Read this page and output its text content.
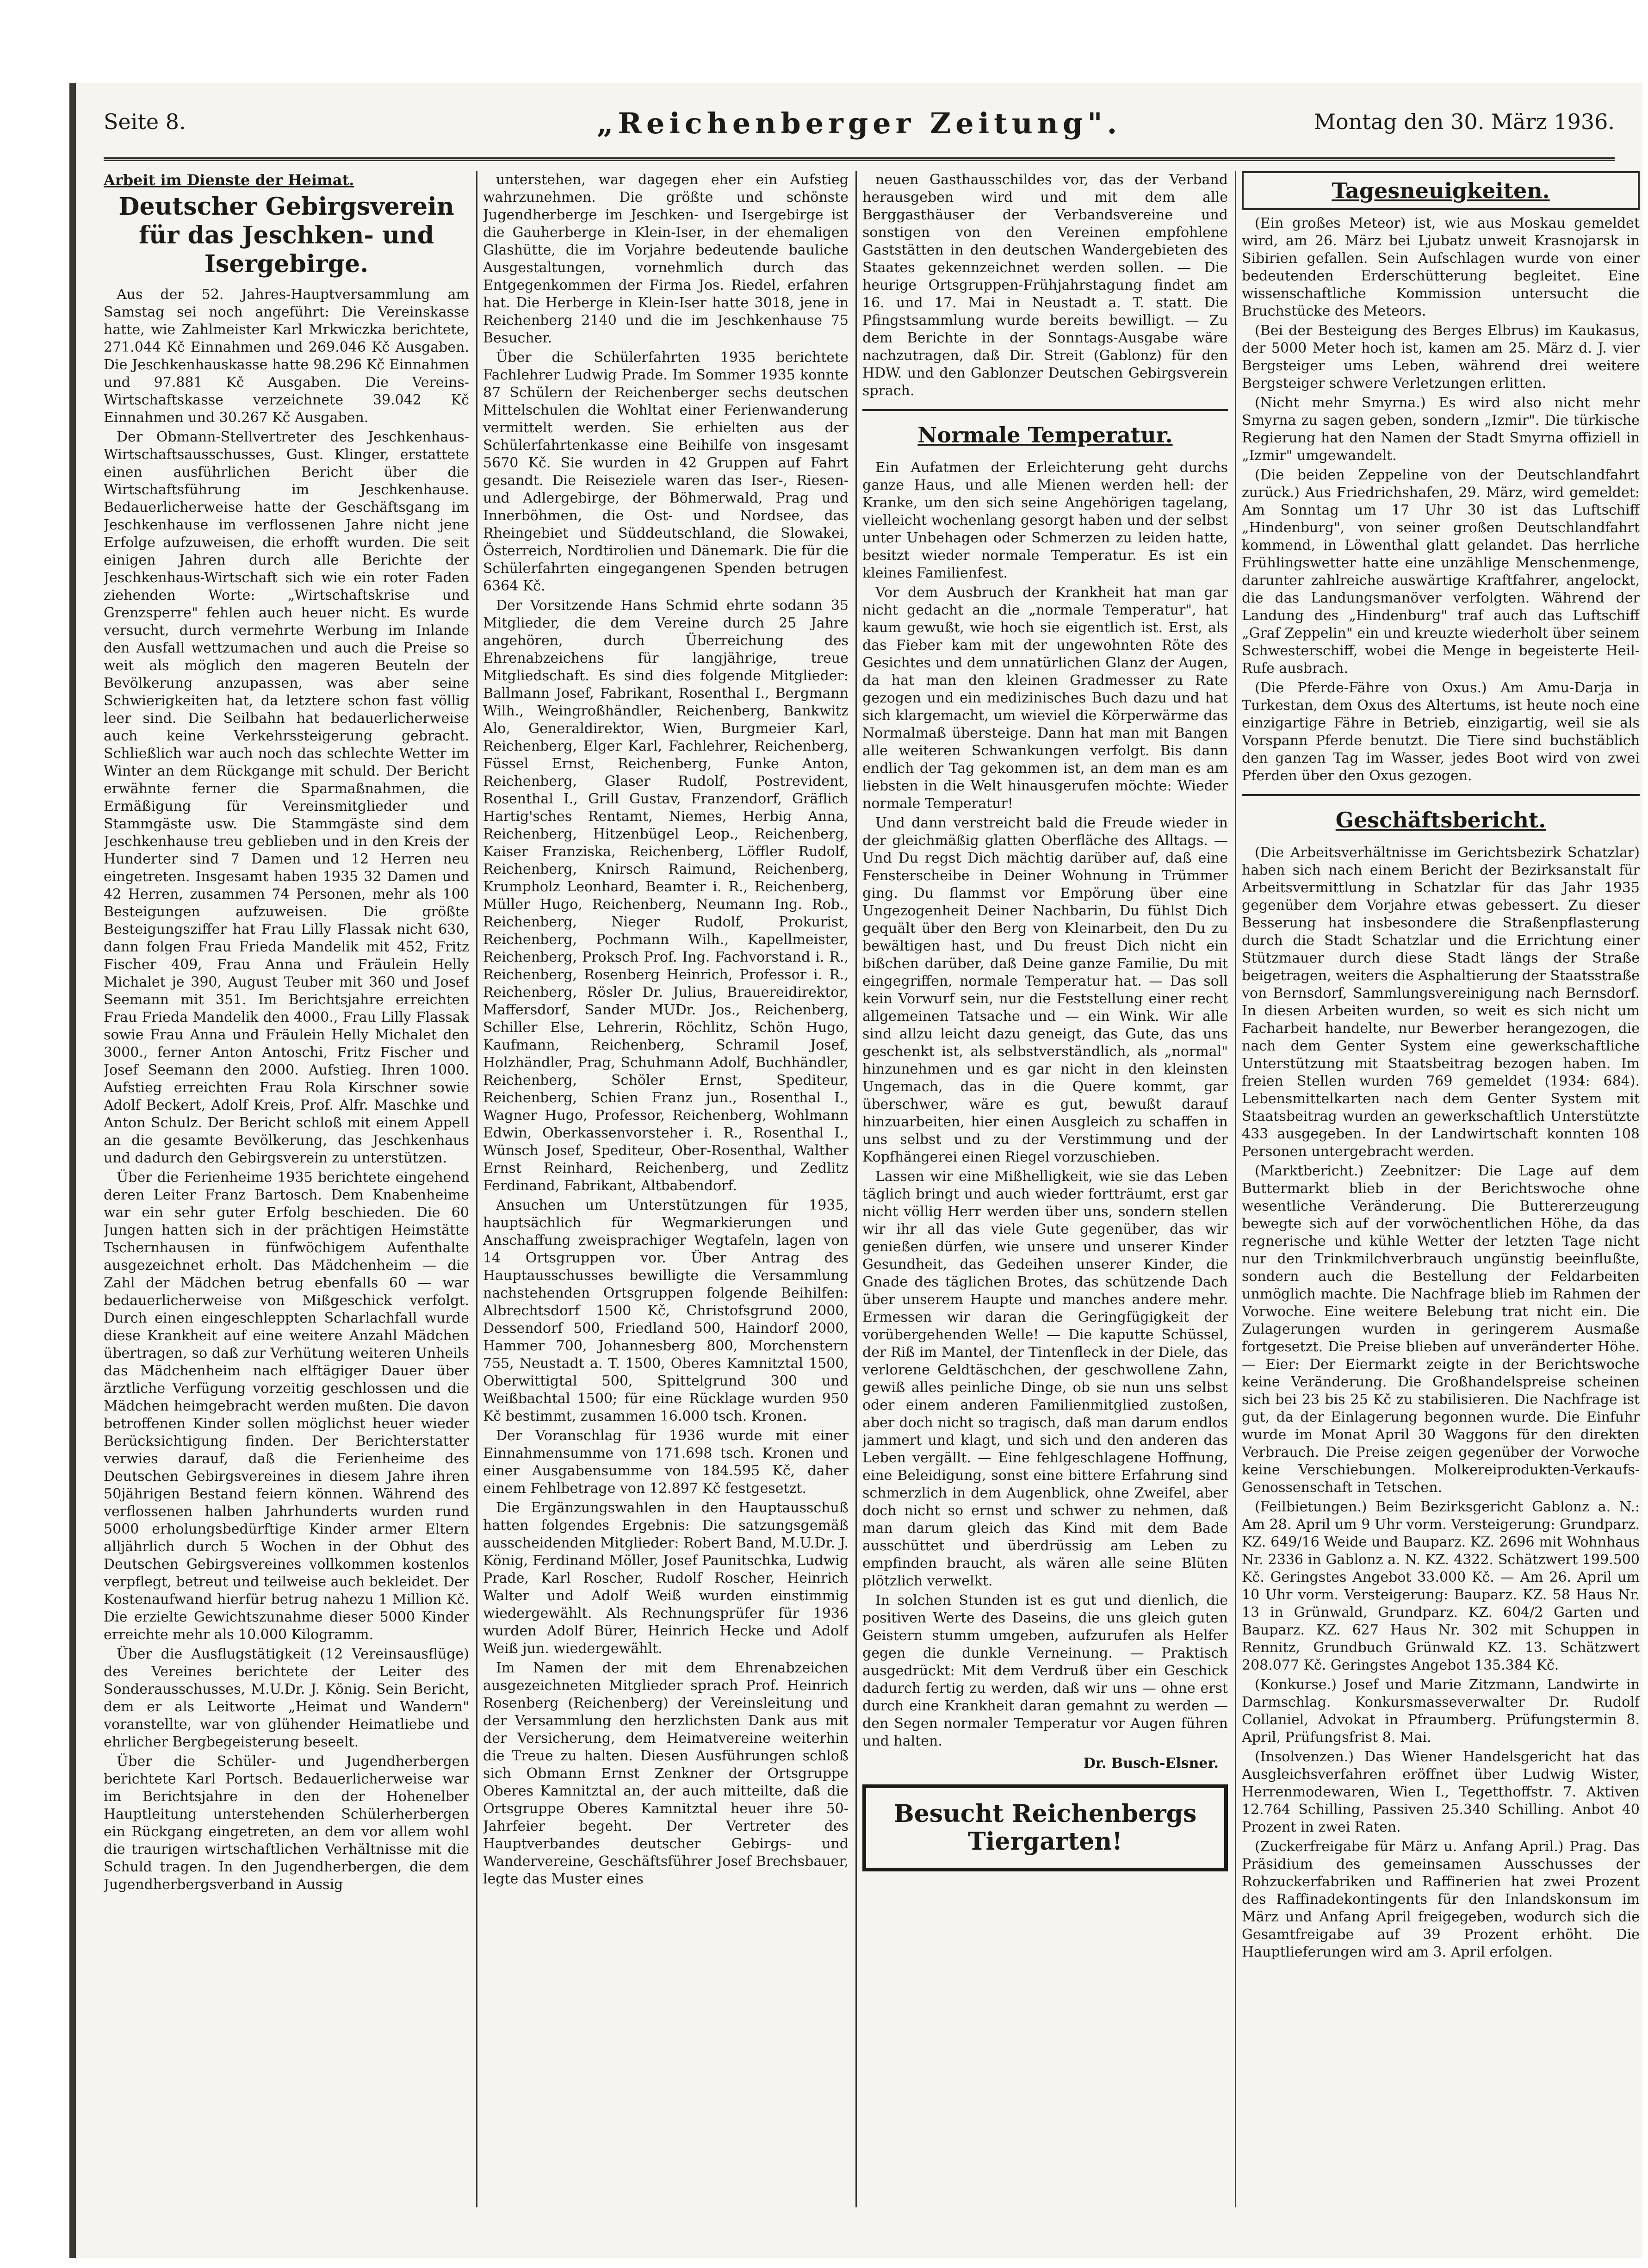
Seite 8.	„Reichenberger Zeitung".	Montag den 30. März 1936.
Arbeit im Dienste der Heimat.
Deutscher Gebirgsverein für das Jeschken- und Isergebirge.

Aus der 52. Jahres-Hauptversammlung am Samstag sei noch angeführt: Die Vereinskasse hatte, wie Zahlmeister Karl Mrkwiczka berichtete, 271.044 Kč Einnahmen und 269.046 Kč Ausgaben. Die Jeschkenhauskasse hatte 98.296 Kč Einnahmen und 97.881 Kč Ausgaben. Die Vereins-Wirtschaftskasse verzeichnete 39.042 Kč Einnahmen und 30.267 Kč Ausgaben.

Der Obmann-Stellvertreter des Jeschkenhaus-Wirtschaftsausschusses, Gust. Klinger, erstattete einen ausführlichen Bericht über die Wirtschaftsführung im Jeschkenhause. Bedauerlicherweise hatte der Geschäftsgang im Jeschkenhause im verflossenen Jahre nicht jene Erfolge aufzuweisen, die erhofft wurden. Die seit einigen Jahren durch alle Berichte der Jeschkenhaus-Wirtschaft sich wie ein roter Faden ziehenden Worte: „Wirtschaftskrise und Grenzsperre" fehlen auch heuer nicht. Es wurde versucht, durch vermehrte Werbung im Inlande den Ausfall wettzumachen und auch die Preise so weit als möglich den mageren Beuteln der Bevölkerung anzupassen, was aber seine Schwierigkeiten hat, da letztere schon fast völlig leer sind. Die Seilbahn hat bedauerlicherweise auch keine Verkehrssteigerung gebracht. Schließlich war auch noch das schlechte Wetter im Winter an dem Rückgange mit schuld. Der Bericht erwähnte ferner die Sparmaßnahmen, die Ermäßigung für Vereinsmitglieder und Stammgäste usw. Die Stammgäste sind dem Jeschkenhause treu geblieben und in den Kreis der Hunderter sind 7 Damen und 12 Herren neu eingetreten. Insgesamt haben 1935 32 Damen und 42 Herren, zusammen 74 Personen, mehr als 100 Besteigungen aufzuweisen. Die größte Besteigungsziffer hat Frau Lilly Flassak nicht 630, dann folgen Frau Frieda Mandelik mit 452, Fritz Fischer 409, Frau Anna und Fräulein Helly Michalet je 390, August Teuber mit 360 und Josef Seemann mit 351. Im Berichtsjahre erreichten Frau Frieda Mandelik den 4000., Frau Lilly Flassak sowie Frau Anna und Fräulein Helly Michalet den 3000., ferner Anton Antoschi, Fritz Fischer und Josef Seemann den 2000. Aufstieg. Ihren 1000. Aufstieg erreichten Frau Rola Kirschner sowie Adolf Beckert, Adolf Kreis, Prof. Alfr. Maschke und Anton Schulz. Der Bericht schloß mit einem Appell an die gesamte Bevölkerung, das Jeschkenhaus und dadurch den Gebirgsverein zu unterstützen.

Über die Ferienheime 1935 berichtete eingehend deren Leiter Franz Bartosch. Dem Knabenheime war ein sehr guter Erfolg beschieden. Die 60 Jungen hatten sich in der prächtigen Heimstätte Tschernhausen in fünfwöchigem Aufenthalte ausgezeichnet erholt. Das Mädchenheim — die Zahl der Mädchen betrug ebenfalls 60 — war bedauerlicherweise von Mißgeschick verfolgt. Durch einen eingeschleppten Scharlachfall wurde diese Krankheit auf eine weitere Anzahl Mädchen übertragen, so daß zur Verhütung weiteren Unheils das Mädchenheim nach elftägiger Dauer über ärztliche Verfügung vorzeitig geschlossen und die Mädchen heimgebracht werden mußten. Die davon betroffenen Kinder sollen möglichst heuer wieder Berücksichtigung finden. Der Berichterstatter verwies darauf, daß die Ferienheime des Deutschen Gebirgsvereines in diesem Jahre ihren 50jährigen Bestand feiern können. Während des verflossenen halben Jahrhunderts wurden rund 5000 erholungsbedürftige Kinder armer Eltern alljährlich durch 5 Wochen in der Obhut des Deutschen Gebirgsvereines vollkommen kostenlos verpflegt, betreut und teilweise auch bekleidet. Der Kostenaufwand hierfür betrug nahezu 1 Million Kč. Die erzielte Gewichtszunahme dieser 5000 Kinder erreichte mehr als 10.000 Kilogramm.

Über die Ausflugstätigkeit (12 Vereinsausflüge) des Vereines berichtete der Leiter des Sonderausschusses, M.U.Dr. J. König. Sein Bericht, dem er als Leitworte „Heimat und Wandern" voranstellte, war von glühender Heimatliebe und ehrlicher Bergbegeisterung beseelt.

Über die Schüler- und Jugendherbergen berichtete Karl Portsch. Bedauerlicherweise war im Berichtsjahre in den der Hohenelber Hauptleitung unterstehenden Schülerherbergen ein Rückgang eingetreten, an dem vor allem wohl die traurigen wirtschaftlichen Verhältnisse mit die Schuld tragen. In den Jugendherbergen, die dem Jugendherbergsverband in Aussig

unterstehen, war dagegen eher ein Aufstieg wahrzunehmen. Die größte und schönste Jugendherberge im Jeschken- und Isergebirge ist die Gauherberge in Klein-Iser, in der ehemaligen Glashütte, die im Vorjahre bedeutende bauliche Ausgestaltungen, vornehmlich durch das Entgegenkommen der Firma Jos. Riedel, erfahren hat. Die Herberge in Klein-Iser hatte 3018, jene in Reichenberg 2140 und die im Jeschkenhause 75 Besucher.

Über die Schülerfahrten 1935 berichtete Fachlehrer Ludwig Prade. Im Sommer 1935 konnte 87 Schülern der Reichenberger sechs deutschen Mittelschulen die Wohltat einer Ferienwanderung vermittelt werden. Sie erhielten aus der Schülerfahrtenkasse eine Beihilfe von insgesamt 5670 Kč. Sie wurden in 42 Gruppen auf Fahrt gesandt. Die Reiseziele waren das Iser-, Riesen- und Adlergebirge, der Böhmerwald, Prag und Innerböhmen, die Ost- und Nordsee, das Rheingebiet und Süddeutschland, die Slowakei, Österreich, Nordtirolien und Dänemark. Die für die Schülerfahrten eingegangenen Spenden betrugen 6364 Kč.

Der Vorsitzende Hans Schmid ehrte sodann 35 Mitglieder, die dem Vereine durch 25 Jahre angehören, durch Überreichung des Ehrenabzeichens für langjährige, treue Mitgliedschaft. Es sind dies folgende Mitglieder: Ballmann Josef, Fabrikant, Rosenthal I., Bergmann Wilh., Weingroßhändler, Reichenberg, Bankwitz Alo, Generaldirektor, Wien, Burgmeier Karl, Reichenberg, Elger Karl, Fachlehrer, Reichenberg, Füssel Ernst, Reichenberg, Funke Anton, Reichenberg, Glaser Rudolf, Postrevident, Rosenthal I., Grill Gustav, Franzendorf, Gräflich Hartig'sches Rentamt, Niemes, Herbig Anna, Reichenberg, Hitzenbügel Leop., Reichenberg, Kaiser Franziska, Reichenberg, Löffler Rudolf, Reichenberg, Knirsch Raimund, Reichenberg, Krumpholz Leonhard, Beamter i. R., Reichenberg, Müller Hugo, Reichenberg, Neumann Ing. Rob., Reichenberg, Nieger Rudolf, Prokurist, Reichenberg, Pochmann Wilh., Kapellmeister, Reichenberg, Proksch Prof. Ing. Fachvorstand i. R., Reichenberg, Rosenberg Heinrich, Professor i. R., Reichenberg, Rösler Dr. Julius, Brauereidirektor, Maffersdorf, Sander MUDr. Jos., Reichenberg, Schiller Else, Lehrerin, Röchlitz, Schön Hugo, Kaufmann, Reichenberg, Schramil Josef, Holzhändler, Prag, Schuhmann Adolf, Buchhändler, Reichenberg, Schöler Ernst, Spediteur, Reichenberg, Schien Franz jun., Rosenthal I., Wagner Hugo, Professor, Reichenberg, Wohlmann Edwin, Oberkassenvorsteher i. R., Rosenthal I., Wünsch Josef, Spediteur, Ober-Rosenthal, Walther Ernst Reinhard, Reichenberg, und Zedlitz Ferdinand, Fabrikant, Altbabendorf.

Ansuchen um Unterstützungen für 1935, hauptsächlich für Wegmarkierungen und Anschaffung zweisprachiger Wegtafeln, lagen von 14 Ortsgruppen vor. Über Antrag des Hauptausschusses bewilligte die Versammlung nachstehenden Ortsgruppen folgende Beihilfen: Albrechtsdorf 1500 Kč, Christofsgrund 2000, Dessendorf 500, Friedland 500, Haindorf 2000, Hammer 700, Johannesberg 800, Morchenstern 755, Neustadt a. T. 1500, Oberes Kamnitztal 1500, Oberwittigtal 500, Spittelgrund 300 und Weißbachtal 1500; für eine Rücklage wurden 950 Kč bestimmt, zusammen 16.000 tsch. Kronen.

Der Voranschlag für 1936 wurde mit einer Einnahmensumme von 171.698 tsch. Kronen und einer Ausgabensumme von 184.595 Kč, daher einem Fehlbetrage von 12.897 Kč festgesetzt.

Die Ergänzungswahlen in den Hauptausschuß hatten folgendes Ergebnis: Die satzungsgemäß ausscheidenden Mitglieder: Robert Band, M.U.Dr. J. König, Ferdinand Möller, Josef Paunitschka, Ludwig Prade, Karl Roscher, Rudolf Roscher, Heinrich Walter und Adolf Weiß wurden einstimmig wiedergewählt. Als Rechnungsprüfer für 1936 wurden Adolf Bürer, Heinrich Hecke und Adolf Weiß jun. wiedergewählt.

Im Namen der mit dem Ehrenabzeichen ausgezeichneten Mitglieder sprach Prof. Heinrich Rosenberg (Reichenberg) der Vereinsleitung und der Versammlung den herzlichsten Dank aus mit der Versicherung, dem Heimatvereine weiterhin die Treue zu halten. Diesen Ausführungen schloß sich Obmann Ernst Zenkner der Ortsgruppe Oberes Kamnitztal an, der auch mitteilte, daß die Ortsgruppe Oberes Kamnitztal heuer ihre 50-Jahrfeier begeht. Der Vertreter des Hauptverbandes deutscher Gebirgs- und Wandervereine, Geschäftsführer Josef Brechsbauer, legte das Muster eines

neuen Gasthausschildes vor, das der Verband herausgeben wird und mit dem alle Berggasthäuser der Verbandsvereine und sonstigen von den Vereinen empfohlene Gaststätten in den deutschen Wandergebieten des Staates gekennzeichnet werden sollen. — Die heurige Ortsgruppen-Frühjahrstagung findet am 16. und 17. Mai in Neustadt a. T. statt. Die Pfingstsammlung wurde bereits bewilligt. — Zu dem Berichte in der Sonntags-Ausgabe wäre nachzutragen, daß Dir. Streit (Gablonz) für den HDW. und den Gablonzer Deutschen Gebirgsverein sprach.

Normale Temperatur.

Ein Aufatmen der Erleichterung geht durchs ganze Haus, und alle Mienen werden hell: der Kranke, um den sich seine Angehörigen tagelang, vielleicht wochenlang gesorgt haben und der selbst unter Unbehagen oder Schmerzen zu leiden hatte, besitzt wieder normale Temperatur. Es ist ein kleines Familienfest.

Vor dem Ausbruch der Krankheit hat man gar nicht gedacht an die „normale Temperatur", hat kaum gewußt, wie hoch sie eigentlich ist. Erst, als das Fieber kam mit der ungewohnten Röte des Gesichtes und dem unnatürlichen Glanz der Augen, da hat man den kleinen Gradmesser zu Rate gezogen und ein medizinisches Buch dazu und hat sich klargemacht, um wieviel die Körperwärme das Normalmaß übersteige. Dann hat man mit Bangen alle weiteren Schwankungen verfolgt. Bis dann endlich der Tag gekommen ist, an dem man es am liebsten in die Welt hinausgerufen möchte: Wieder normale Temperatur!

Und dann verstreicht bald die Freude wieder in der gleichmäßig glatten Oberfläche des Alltags. — Und Du regst Dich mächtig darüber auf, daß eine Fensterscheibe in Deiner Wohnung in Trümmer ging. Du flammst vor Empörung über eine Ungezogenheit Deiner Nachbarin, Du fühlst Dich gequält über den Berg von Kleinarbeit, den Du zu bewältigen hast, und Du freust Dich nicht ein bißchen darüber, daß Deine ganze Familie, Du mit eingegriffen, normale Temperatur hat. — Das soll kein Vorwurf sein, nur die Feststellung einer recht allgemeinen Tatsache und — ein Wink. Wir alle sind allzu leicht dazu geneigt, das Gute, das uns geschenkt ist, als selbstverständlich, als „normal" hinzunehmen und es gar nicht in den kleinsten Ungemach, das in die Quere kommt, gar überschwer, wäre es gut, bewußt darauf hinzuarbeiten, hier einen Ausgleich zu schaffen in uns selbst und zu der Verstimmung und der Kopfhängerei einen Riegel vorzuschieben.

Lassen wir eine Mißhelligkeit, wie sie das Leben täglich bringt und auch wieder fortträumt, erst gar nicht völlig Herr werden über uns, sondern stellen wir ihr all das viele Gute gegenüber, das wir genießen dürfen, wie unsere und unserer Kinder Gesundheit, das Gedeihen unserer Kinder, die Gnade des täglichen Brotes, das schützende Dach über unserem Haupte und manches andere mehr. Ermessen wir daran die Geringfügigkeit der vorübergehenden Welle! — Die kaputte Schüssel, der Riß im Mantel, der Tintenfleck in der Diele, das verlorene Geldtäschchen, der geschwollene Zahn, gewiß alles peinliche Dinge, ob sie nun uns selbst oder einem anderen Familienmitglied zustoßen, aber doch nicht so tragisch, daß man darum endlos jammert und klagt, und sich und den anderen das Leben vergällt. — Eine fehlgeschlagene Hoffnung, eine Beleidigung, sonst eine bittere Erfahrung sind schmerzlich in dem Augenblick, ohne Zweifel, aber doch nicht so ernst und schwer zu nehmen, daß man darum gleich das Kind mit dem Bade ausschüttet und überdrüssig am Leben zu empfinden braucht, als wären alle seine Blüten plötzlich verwelkt.

In solchen Stunden ist es gut und dienlich, die positiven Werte des Daseins, die uns gleich guten Geistern stumm umgeben, aufzurufen als Helfer gegen die dunkle Verneinung. — Praktisch ausgedrückt: Mit dem Verdruß über ein Geschick dadurch fertig zu werden, daß wir uns — ohne erst durch eine Krankheit daran gemahnt zu werden — den Segen normaler Temperatur vor Augen führen und halten.

Dr. Busch-Elsner.
Besucht Reichenbergs Tiergarten!
Tagesneuigkeiten.

(Ein großes Meteor) ist, wie aus Moskau gemeldet wird, am 26. März bei Ljubatz unweit Krasnojarsk in Sibirien gefallen. Sein Aufschlagen wurde von einer bedeutenden Erderschütterung begleitet. Eine wissenschaftliche Kommission untersucht die Bruchstücke des Meteors.

(Bei der Besteigung des Berges Elbrus) im Kaukasus, der 5000 Meter hoch ist, kamen am 25. März d. J. vier Bergsteiger ums Leben, während drei weitere Bergsteiger schwere Verletzungen erlitten.

(Nicht mehr Smyrna.) Es wird also nicht mehr Smyrna zu sagen geben, sondern „Izmir". Die türkische Regierung hat den Namen der Stadt Smyrna offiziell in „Izmir" umgewandelt.

(Die beiden Zeppeline von der Deutschlandfahrt zurück.) Aus Friedrichshafen, 29. März, wird gemeldet: Am Sonntag um 17 Uhr 30 ist das Luftschiff „Hindenburg", von seiner großen Deutschlandfahrt kommend, in Löwenthal glatt gelandet. Das herrliche Frühlingswetter hatte eine unzählige Menschenmenge, darunter zahlreiche auswärtige Kraftfahrer, angelockt, die das Landungsmanöver verfolgten. Während der Landung des „Hindenburg" traf auch das Luftschiff „Graf Zeppelin" ein und kreuzte wiederholt über seinem Schwesterschiff, wobei die Menge in begeisterte Heil-Rufe ausbrach.

(Die Pferde-Fähre von Oxus.) Am Amu-Darja in Turkestan, dem Oxus des Altertums, ist heute noch eine einzigartige Fähre in Betrieb, einzigartig, weil sie als Vorspann Pferde benutzt. Die Tiere sind buchstäblich den ganzen Tag im Wasser, jedes Boot wird von zwei Pferden über den Oxus gezogen.

Geschäftsbericht.

(Die Arbeitsverhältnisse im Gerichtsbezirk Schatzlar) haben sich nach einem Bericht der Bezirksanstalt für Arbeitsvermittlung in Schatzlar für das Jahr 1935 gegenüber dem Vorjahre etwas gebessert. Zu dieser Besserung hat insbesondere die Straßenpflasterung durch die Stadt Schatzlar und die Errichtung einer Stützmauer durch diese Stadt längs der Straße beigetragen, weiters die Asphaltierung der Staatsstraße von Bernsdorf, Sammlungsvereinigung nach Bernsdorf. In diesen Arbeiten wurden, so weit es sich nicht um Facharbeit handelte, nur Bewerber herangezogen, die nach dem Genter System eine gewerkschaftliche Unterstützung mit Staatsbeitrag bezogen haben. Im freien Stellen wurden 769 gemeldet (1934: 684). Lebensmittelkarten nach dem Genter System mit Staatsbeitrag wurden an gewerkschaftlich Unterstützte 433 ausgegeben. In der Landwirtschaft konnten 108 Personen untergebracht werden.

(Marktbericht.) Zeebnitzer: Die Lage auf dem Buttermarkt blieb in der Berichtswoche ohne wesentliche Veränderung. Die Buttererzeugung bewegte sich auf der vorwöchentlichen Höhe, da das regnerische und kühle Wetter der letzten Tage nicht nur den Trinkmilchverbrauch ungünstig beeinflußte, sondern auch die Bestellung der Feldarbeiten unmöglich machte. Die Nachfrage blieb im Rahmen der Vorwoche. Eine weitere Belebung trat nicht ein. Die Zulagerungen wurden in geringerem Ausmaße fortgesetzt. Die Preise blieben auf unveränderter Höhe. — Eier: Der Eiermarkt zeigte in der Berichtswoche keine Veränderung. Die Großhandelspreise scheinen sich bei 23 bis 25 Kč zu stabilisieren. Die Nachfrage ist gut, da der Einlagerung begonnen wurde. Die Einfuhr wurde im Monat April 30 Waggons für den direkten Verbrauch. Die Preise zeigen gegenüber der Vorwoche keine Verschiebungen. Molkereiprodukten-Verkaufs-Genossenschaft in Tetschen.

(Feilbietungen.) Beim Bezirksgericht Gablonz a. N.: Am 28. April um 9 Uhr vorm. Versteigerung: Grundparz. KZ. 649/16 Weide und Bauparz. KZ. 2696 mit Wohnhaus Nr. 2336 in Gablonz a. N. KZ. 4322. Schätzwert 199.500 Kč. Geringstes Angebot 33.000 Kč. — Am 26. April um 10 Uhr vorm. Versteigerung: Bauparz. KZ. 58 Haus Nr. 13 in Grünwald, Grundparz. KZ. 604/2 Garten und Bauparz. KZ. 627 Haus Nr. 302 mit Schuppen in Rennitz, Grundbuch Grünwald KZ. 13. Schätzwert 208.077 Kč. Geringstes Angebot 135.384 Kč.

(Konkurse.) Josef und Marie Zitzmann, Landwirte in Darmschlag. Konkursmasseverwalter Dr. Rudolf Collaniel, Advokat in Pfraumberg. Prüfungstermin 8. April, Prüfungsfrist 8. Mai.

(Insolvenzen.) Das Wiener Handelsgericht hat das Ausgleichsverfahren eröffnet über Ludwig Wister, Herrenmodewaren, Wien I., Tegetthoffstr. 7. Aktiven 12.764 Schilling, Passiven 25.340 Schilling. Anbot 40 Prozent in zwei Raten.

(Zuckerfreigabe für März u. Anfang April.) Prag. Das Präsidium des gemeinsamen Ausschusses der Rohzuckerfabriken und Raffinerien hat zwei Prozent des Raffinadekontingents für den Inlandskonsum im März und Anfang April freigegeben, wodurch sich die Gesamtfreigabe auf 39 Prozent erhöht. Die Hauptlieferungen wird am 3. April erfolgen.
